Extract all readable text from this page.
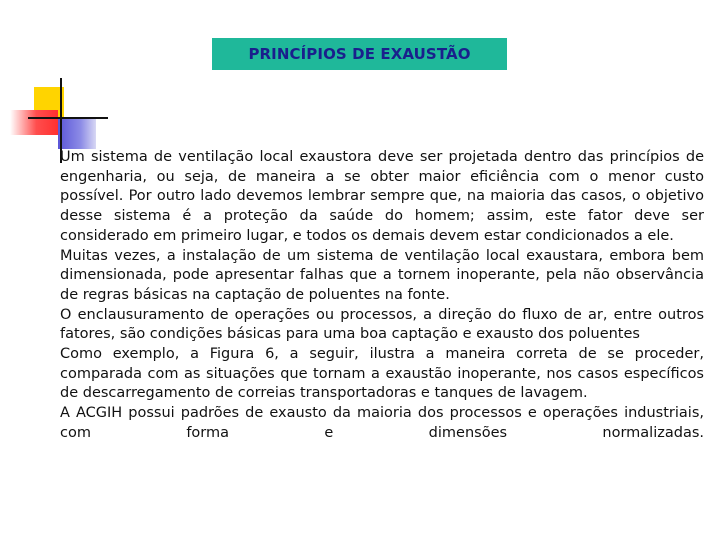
PRINCÍPIOS DE EXAUSTÃO

Um sistema de ventilação local exaustora deve ser projetada dentro das princípios de engenharia, ou seja, de maneira a se obter maior eficiência com o menor custo possível. Por outro lado devemos lembrar sempre que, na maioria das casos, o objetivo desse sistema é a proteção da saúde do homem; assim, este fator deve ser considerado em primeiro lugar, e todos os demais devem estar condicionados a ele.

Muitas vezes, a instalação de um sistema de ventilação local exaustara, embora bem dimensionada, pode apresentar falhas que a tornem inoperante, pela não observância de regras básicas na captação de poluentes na fonte.

O enclausuramento de operações ou processos, a direção do fluxo de ar, entre outros fatores, são condições básicas para uma boa captação e exausto dos poluentes

Como exemplo, a Figura 6, a seguir, ilustra a maneira correta de se proceder, comparada com as situações que tornam a exaustão inoperante, nos casos específicos de descarregamento de correias transportadoras e tanques de lavagem.

A ACGIH possui padrões de exausto da maioria dos processos e operações industriais, com forma e dimensões normalizadas.
